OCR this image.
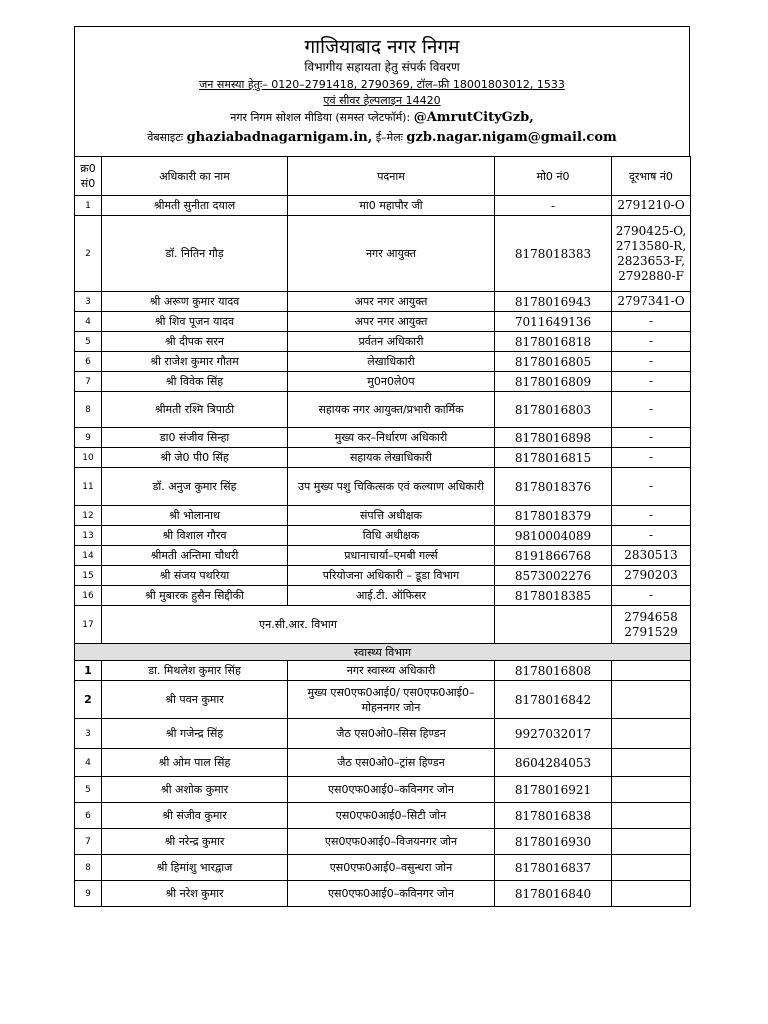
गाजियाबाद नगर निगम
विभागीय सहायता हेतु संपर्क विवरण
जन समस्या हेतुः– 0120–2791418, 2790369, टॉल–फ्री 18001803012, 1533
एवं सीवर हेल्पलाइन 14420
नगर निगम सोशल मीडिया (समस्त प्लेटफॉर्म): @AmrutCityGzb,
वेबसाइटः ghaziabadnagarnigam.in, ई–मेलः gzb.nagar.nigam@gmail.com
क्र0 सं0	अधिकारी का नाम	पदनाम	मो0 नं0	दूरभाष नं0
1	श्रीमती सुनीता दयाल	मा0 महापौर जी	-	2791210-O
2	डॉ. नितिन गौड़	नगर आयुक्त	8178018383	2790425-O,
2713580-R,
2823653-F,
2792880-F
3	श्री अरूण कुमार यादव	अपर नगर आयुक्त	8178016943	2797341-O
4	श्री शिव पूजन यादव	अपर नगर आयुक्त	7011649136	-
5	श्री दीपक सरन	प्रर्वतन अधिकारी	8178016818	-
6	श्री राजेश कुमार गौतम	लेखाधिकारी	8178016805	-
7	श्री विवेक सिंह	मु0न0ले0प	8178016809	-
8	श्रीमती रश्मि त्रिपाठी	सहायक नगर आयुक्त/प्रभारी कार्मिक	8178016803	-
9	डा0 संजीव सिन्हा	मुख्य कर–निर्धारण अधिकारी	8178016898	-
10	श्री जे0 पी0 सिंह	सहायक लेखाधिकारी	8178016815	-
11	डॉ. अनुज कुमार सिंह	उप मुख्य पशु चिकित्सक एवं कल्याण अधिकारी	8178018376	-
12	श्री भोलानाथ	संपत्ति अधीक्षक	8178018379	-
13	श्री विशाल गौरव	विधि अधीक्षक	9810004089	-
14	श्रीमती अन्तिमा चौधरी	प्रधानाचार्या–एमबी गर्ल्स	8191866768	2830513
15	श्री संजय पथरिया	परियोजना अधिकारी – डूडा विभाग	8573002276	2790203
16	श्री मुबारक हुसैन सिद्दीकी	आई.टी. ऑफिसर	8178018385	-
17	एन.सी.आर. विभाग			2794658
2791529
स्वास्थ्य विभाग				
1	डा. मिथलेश कुमार सिंह	नगर स्वास्थ्य अधिकारी	8178016808	
2	श्री पवन कुमार	मुख्य एस0एफ0आई0/ एस0एफ0आई0–मोहननगर जोन	8178016842	
3	श्री गजेन्द्र सिंह	जैठ एस0ओ0–सिस हिण्डन	9927032017	
4	श्री ओम पाल सिंह	जैठ एस0ओ0–ट्रांस हिण्डन	8604284053	
5	श्री अशोक कुमार	एस0एफ0आई0–कविनगर जोन	8178016921	
6	श्री संजीव कुमार	एस0एफ0आई0–सिटी जोन	8178016838	
7	श्री नरेन्द्र कुमार	एस0एफ0आई0–विजयनगर जोन	8178016930	
8	श्री हिमांशु भारद्वाज	एस0एफ0आई0–वसुन्धरा जोन	8178016837	
9	श्री नरेश कुमार	एस0एफ0आई0–कविनगर जोन	8178016840	
